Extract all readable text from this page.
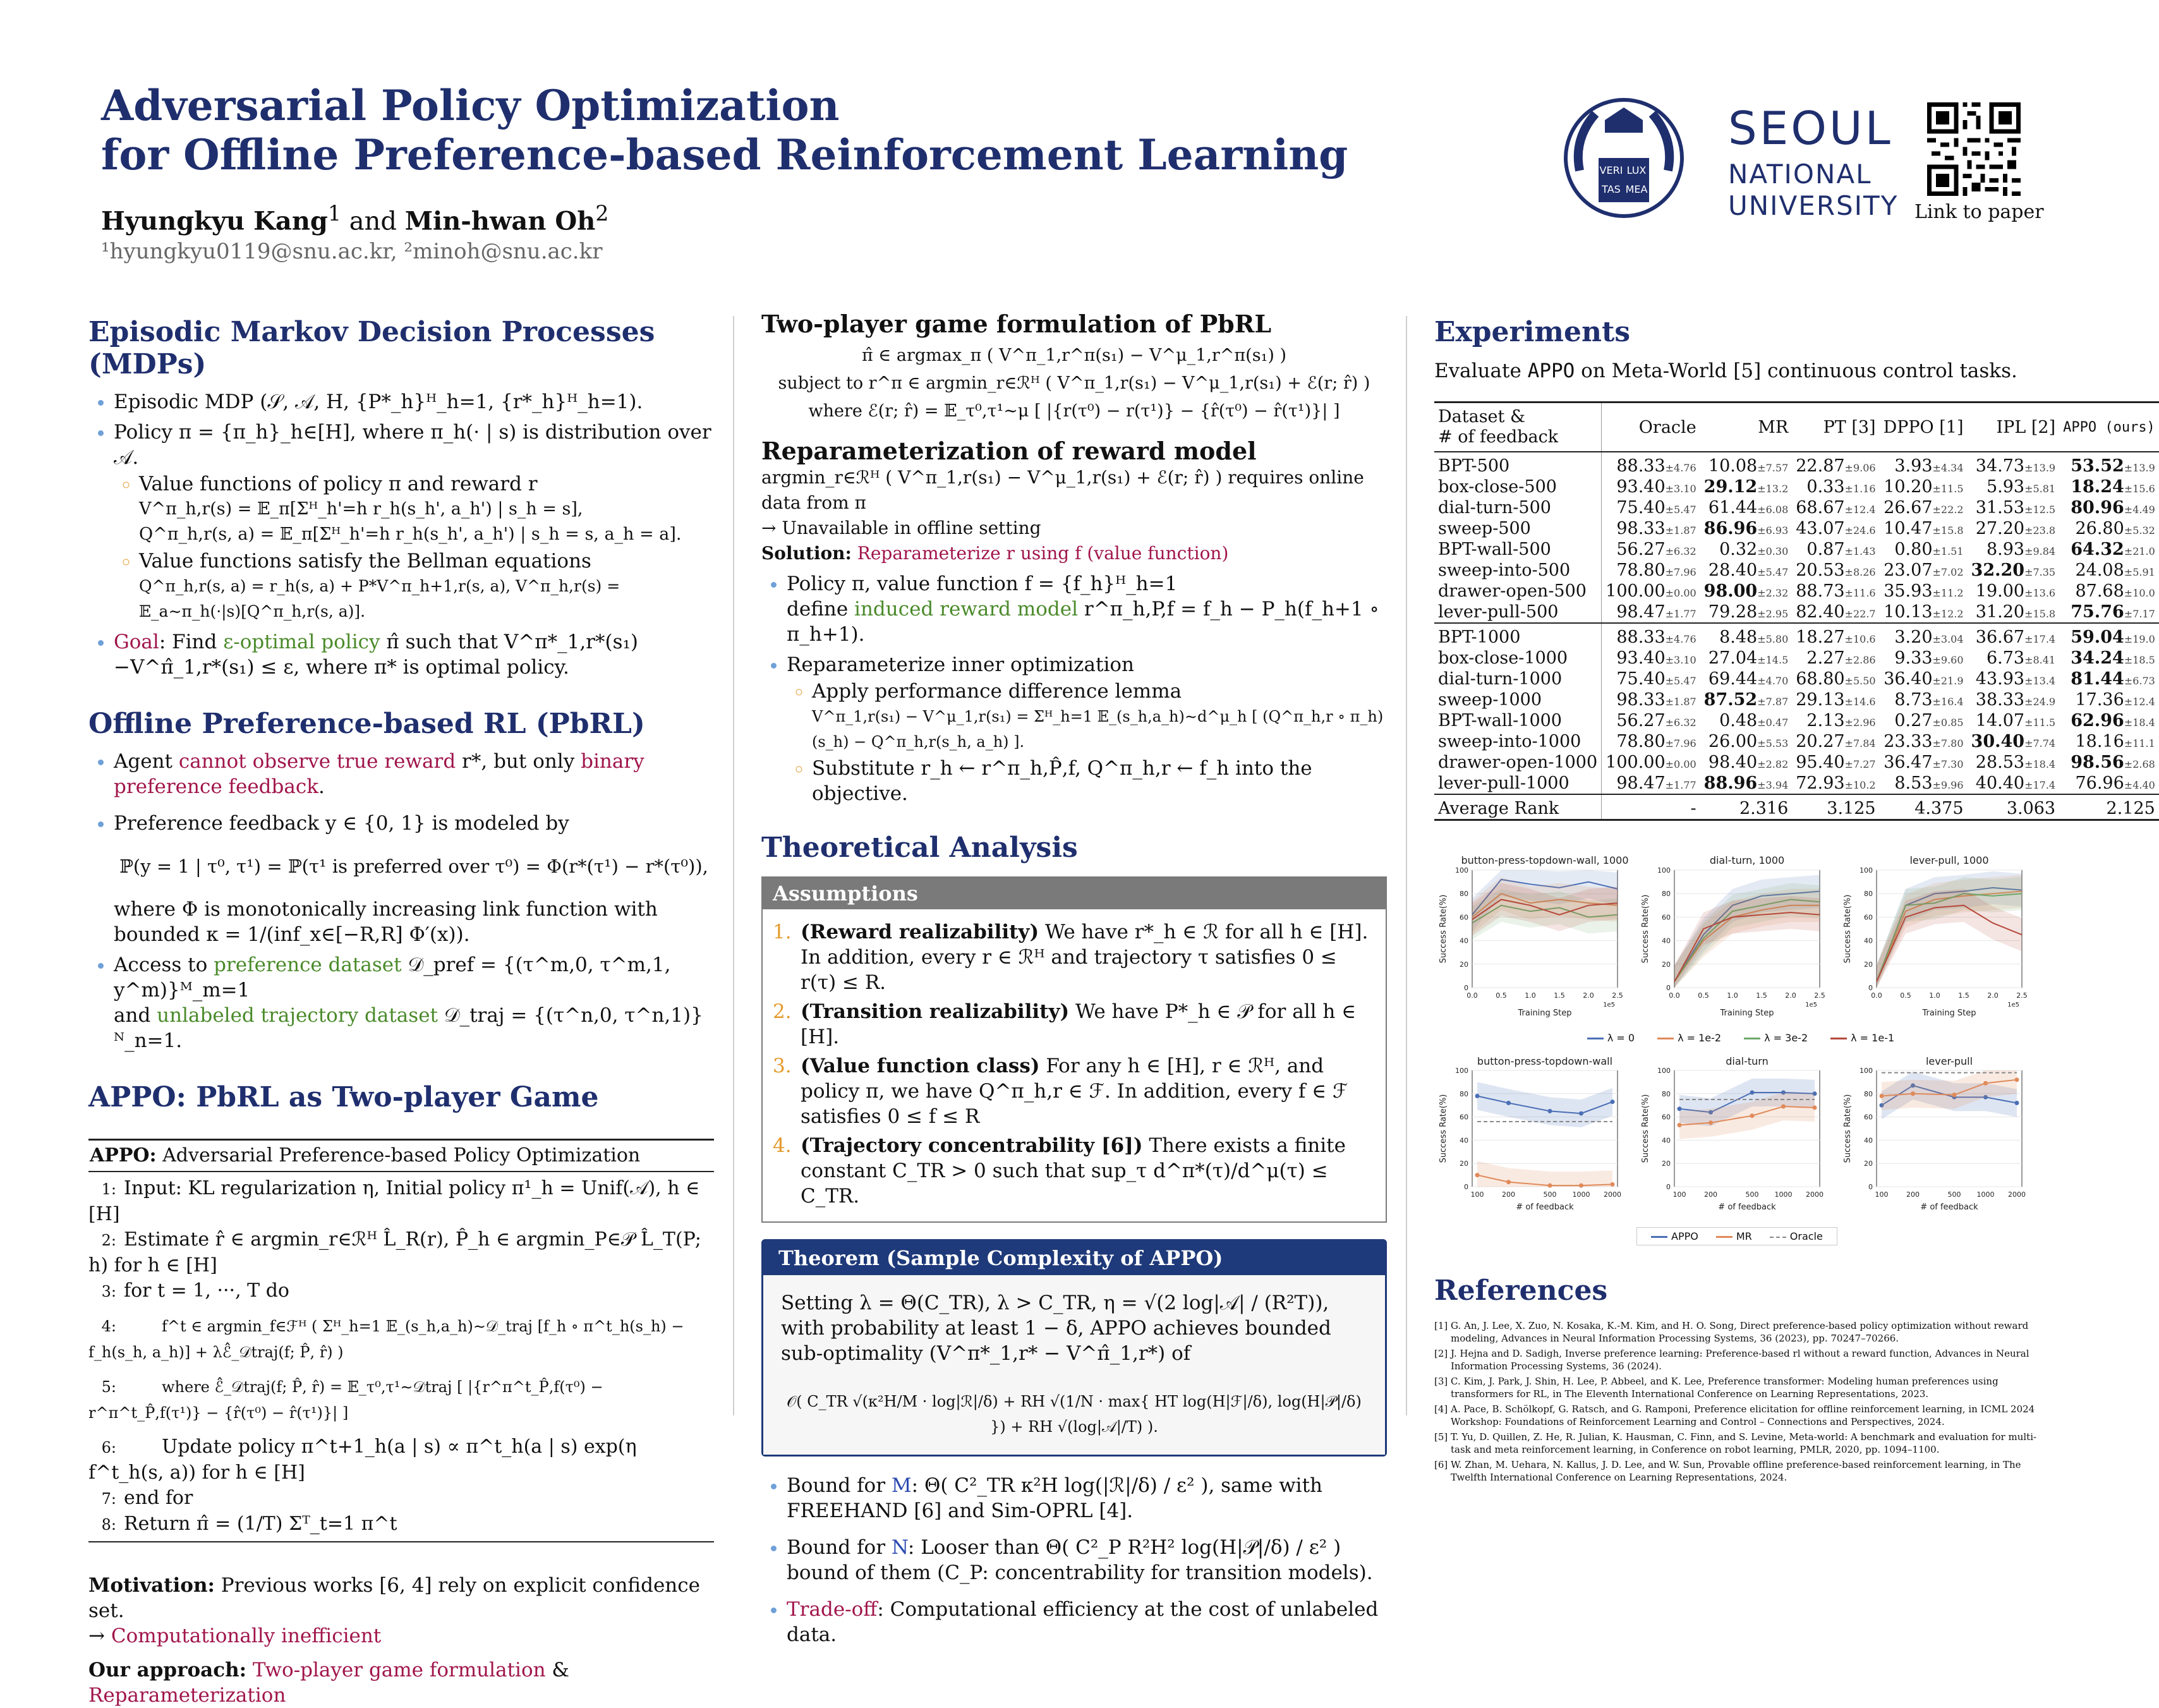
Adversarial Policy Optimization
for Offline Preference-based Reinforcement Learning
Hyungkyu Kang$^1$ and Min-hwan Oh$^2$
¹hyungkyu0119@snu.ac.kr, ²minoh@snu.ac.kr
VERI LUX
TAS MEA
SEOUL
NATIONAL
UNIVERSITY Link to paper
Episodic Markov Decision Processes (MDPs)
• Episodic MDP (𝒮, 𝒜, H, {P*_h}ᴴ_h=1, {r*_h}ᴴ_h=1).
• Policy π = {π_h}_h∈[H], where π_h(· | s) is distribution over 𝒜.
◦ Value functions of policy π and reward r
V^π_h,r(s) = 𝔼_π[Σᴴ_h'=h r_h(s_h', a_h') | s_h = s],
Q^π_h,r(s, a) = 𝔼_π[Σᴴ_h'=h r_h(s_h', a_h') | s_h = s, a_h = a].
◦ Value functions satisfy the Bellman equations
Q^π_h,r(s, a) = r_h(s, a) + P*V^π_h+1,r(s, a), V^π_h,r(s) = 𝔼_a∼π_h(·|s)[Q^π_h,r(s, a)].
• Goal: Find ε-optimal policy π̂ such that V^π*_1,r*(s₁)−V^π̂_1,r*(s₁) ≤ ε, where π* is optimal policy.
Offline Preference-based RL (PbRL)
• Agent cannot observe true reward r*, but only binary preference feedback.
• Preference feedback y ∈ {0, 1} is modeled by
ℙ(y = 1 | τ⁰, τ¹) = ℙ(τ¹ is preferred over τ⁰) = Φ(r*(τ¹) − r*(τ⁰)),
where Φ is monotonically increasing link function with bounded κ = 1/(inf_x∈[−R,R] Φ′(x)).
• Access to preference dataset 𝒟_pref = {(τ^m,0, τ^m,1, y^m)}ᴹ_m=1
and unlabeled trajectory dataset 𝒟_traj = {(τ^n,0, τ^n,1)}ᴺ_n=1.
APPO: PbRL as Two-player Game
APPO: Adversarial Preference-based Policy Optimization
1: Input: KL regularization η, Initial policy π¹_h = Unif(𝒜), h ∈ [H]
2: Estimate r̂ ∈ argmin_r∈ℛᴴ L̂_R(r), P̂_h ∈ argmin_P∈𝒫 L̂_T(P; h) for h ∈ [H]
3: for t = 1, ···, T do
4:	f^t ∈ argmin_f∈ℱᴴ ( Σᴴ_h=1 𝔼_(s_h,a_h)∼𝒟_traj [f_h ∘ π^t_h(s_h) − f_h(s_h, a_h)] + λℰ̂_𝒟traj(f; P̂, r̂) )
5:	where ℰ̂_𝒟traj(f; P̂, r̂) = 𝔼_τ⁰,τ¹∼𝒟traj [ |{r^π^t_P̂,f(τ⁰) − r^π^t_P̂,f(τ¹)} − {r̂(τ⁰) − r̂(τ¹)}| ]
6: Update policy π^t+1_h(a | s) ∝ π^t_h(a | s) exp(η f^t_h(s, a)) for h ∈ [H]
7: end for
8: Return π̂ = (1/T) Σᵀ_t=1 π^t
Motivation: Previous works [6, 4] rely on explicit confidence set.
→ Computationally inefficient
Our approach: Two-player game formulation & Reparameterization
Two-player game formulation of PbRL
π̂ ∈ argmax_π ( V^π_1,r^π(s₁) − V^μ_1,r^π(s₁) )
subject to r^π ∈ argmin_r∈ℛᴴ ( V^π_1,r(s₁) − V^μ_1,r(s₁) + ℰ(r; r̂) )
where ℰ(r; r̂) = 𝔼_τ⁰,τ¹∼μ [ |{r(τ⁰) − r(τ¹)} − {r̂(τ⁰) − r̂(τ¹)}| ]
Reparameterization of reward model
argmin_r∈ℛᴴ ( V^π_1,r(s₁) − V^μ_1,r(s₁) + ℰ(r; r̂) ) requires online data from π
→ Unavailable in offline setting
Solution: Reparameterize r using f (value function)
• Policy π, value function f = {f_h}ᴴ_h=1
define induced reward model r^π_h,P,f = f_h − P_h(f_h+1 ∘ π_h+1).
• Reparameterize inner optimization
◦ Apply performance difference lemma
V^π_1,r(s₁) − V^μ_1,r(s₁) = Σᴴ_h=1 𝔼_(s_h,a_h)∼d^μ_h [ (Q^π_h,r ∘ π_h)(s_h) − Q^π_h,r(s_h, a_h) ].
◦ Substitute r_h ← r^π_h,P̂,f, Q^π_h,r ← f_h into the objective.
Theoretical Analysis
Assumptions
1. (Reward realizability) We have r*_h ∈ ℛ for all h ∈ [H]. In addition, every r ∈ ℛᴴ and trajectory τ satisfies 0 ≤ r(τ) ≤ R.
2. (Transition realizability) We have P*_h ∈ 𝒫 for all h ∈ [H].
3. (Value function class) For any h ∈ [H], r ∈ ℛᴴ, and policy π, we have Q^π_h,r ∈ ℱ. In addition, every f ∈ ℱ satisfies 0 ≤ f ≤ R
4. (Trajectory concentrability [6]) There exists a finite constant C_TR > 0 such that sup_τ d^π*(τ)/d^μ(τ) ≤ C_TR.
Theorem (Sample Complexity of APPO)
Setting λ = Θ(C_TR), λ > C_TR, η = √(2 log|𝒜| / (R²T)), with probability at least 1 − δ, APPO achieves bounded sub-optimality (V^π*_1,r* − V^π̂_1,r*) of
𝒪( C_TR √(κ²H/M · log|ℛ|/δ) + RH √(1/N · max{ HT log(H|ℱ|/δ), log(H|𝒫|/δ) }) + RH √(log|𝒜|/T) ).
• Bound for M: Θ( C²_TR κ²H log(|ℛ|/δ) / ε² ), same with FREEHAND [6] and Sim-OPRL [4].
• Bound for N: Looser than Θ( C²_P R²H² log(H|𝒫|/δ) / ε² ) bound of them (C_P: concentrability for transition models).
• Trade-off: Computational efficiency at the cost of unlabeled data.
Experiments
Evaluate APPO on Meta-World [5] continuous control tasks.
Dataset &
# of feedback	Oracle	MR	PT [3]	DPPO [1]	IPL [2]	APPO (ours)
BPT-500	88.33±4.76	10.08±7.57	22.87±9.06	3.93±4.34	34.73±13.9	53.52±13.9
box-close-500	93.40±3.10	29.12±13.2	0.33±1.16	10.20±11.5	5.93±5.81	18.24±15.6
dial-turn-500	75.40±5.47	61.44±6.08	68.67±12.4	26.67±22.2	31.53±12.5	80.96±4.49
sweep-500	98.33±1.87	86.96±6.93	43.07±24.6	10.47±15.8	27.20±23.8	26.80±5.32
BPT-wall-500	56.27±6.32	0.32±0.30	0.87±1.43	0.80±1.51	8.93±9.84	64.32±21.0
sweep-into-500	78.80±7.96	28.40±5.47	20.53±8.26	23.07±7.02	32.20±7.35	24.08±5.91
drawer-open-500	100.00±0.00	98.00±2.32	88.73±11.6	35.93±11.2	19.00±13.6	87.68±10.0
lever-pull-500	98.47±1.77	79.28±2.95	82.40±22.7	10.13±12.2	31.20±15.8	75.76±7.17
BPT-1000	88.33±4.76	8.48±5.80	18.27±10.6	3.20±3.04	36.67±17.4	59.04±19.0
box-close-1000	93.40±3.10	27.04±14.5	2.27±2.86	9.33±9.60	6.73±8.41	34.24±18.5
dial-turn-1000	75.40±5.47	69.44±4.70	68.80±5.50	36.40±21.9	43.93±13.4	81.44±6.73
sweep-1000	98.33±1.87	87.52±7.87	29.13±14.6	8.73±16.4	38.33±24.9	17.36±12.4
BPT-wall-1000	56.27±6.32	0.48±0.47	2.13±2.96	0.27±0.85	14.07±11.5	62.96±18.4
sweep-into-1000	78.80±7.96	26.00±5.53	20.27±7.84	23.33±7.80	30.40±7.74	18.16±11.1
drawer-open-1000	100.00±0.00	98.40±2.82	95.40±7.27	36.47±7.30	28.53±18.4	98.56±2.68
lever-pull-1000	98.47±1.77	88.96±3.94	72.93±10.2	8.53±9.96	40.40±17.4	76.96±4.40
Average Rank	-	2.316	3.125	4.375	3.063	2.125
button-press-topdown-wall, 1000
0
20
40
60
80
100
0.0	0.5	1.0	1.5	2.0	2.5
1e5
Training Step
Success Rate(%)
dial-turn, 1000
0
20
40
60
80
100
0.0	0.5	1.0	1.5	2.0	2.5
1e5
Training Step
Success Rate(%)
lever-pull, 1000
0
20
40
60
80
100
0.0	0.5	1.0	1.5	2.0	2.5
1e5
Training Step
Success Rate(%)
λ = 0	λ = 1e-2	λ = 3e-2	λ = 1e-1
button-press-topdown-wall
0
20
40
60
80
100
100	200	500 1000 2000
# of feedback
Success Rate(%)
dial-turn
0
20
40
60
80
100
100	200	500 1000 2000
# of feedback
Success Rate(%)
lever-pull
0
20
40
60
80
100
100	200	500 1000 2000
# of feedback
Success Rate(%)
APPO	MR	Oracle
References
[1] G. An, J. Lee, X. Zuo, N. Kosaka, K.-M. Kim, and H. O. Song, Direct preference-based policy optimization without reward modeling, Advances in Neural Information Processing Systems, 36 (2023), pp. 70247–70266.
[2] J. Hejna and D. Sadigh, Inverse preference learning: Preference-based rl without a reward function, Advances in Neural Information Processing Systems, 36 (2024).
[3] C. Kim, J. Park, J. Shin, H. Lee, P. Abbeel, and K. Lee, Preference transformer: Modeling human preferences using transformers for RL, in The Eleventh International Conference on Learning Representations, 2023.
[4] A. Pace, B. Schölkopf, G. Ratsch, and G. Ramponi, Preference elicitation for offline reinforcement learning, in ICML 2024 Workshop: Foundations of Reinforcement Learning and Control – Connections and Perspectives, 2024.
[5] T. Yu, D. Quillen, Z. He, R. Julian, K. Hausman, C. Finn, and S. Levine, Meta-world: A benchmark and evaluation for multi-task and meta reinforcement learning, in Conference on robot learning, PMLR, 2020, pp. 1094–1100.
[6] W. Zhan, M. Uehara, N. Kallus, J. D. Lee, and W. Sun, Provable offline preference-based reinforcement learning, in The Twelfth International Conference on Learning Representations, 2024.
